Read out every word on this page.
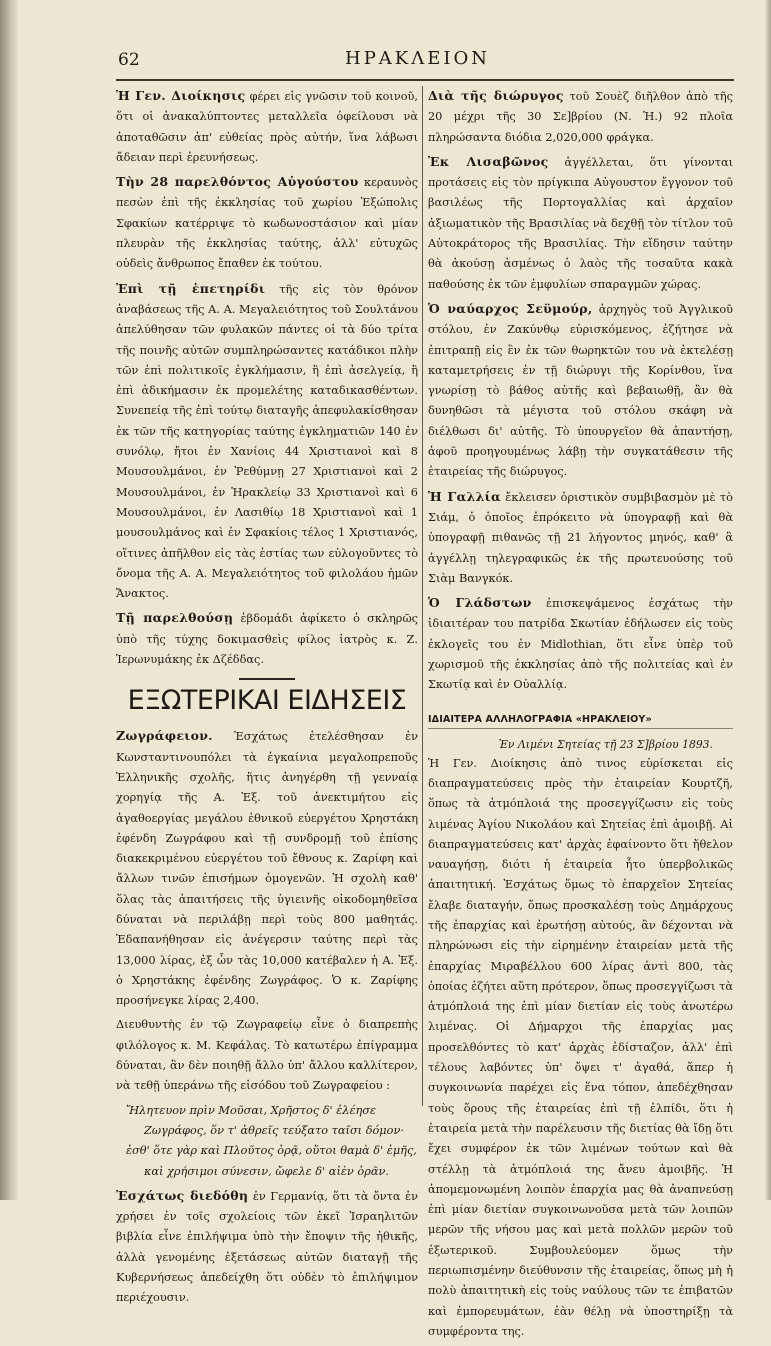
62	ΗΡΑΚΛΕΙΟΝ

Ἡ Γεν. Διοίκησις φέρει εἰς γνῶσιν τοῦ κοινοῦ, ὅτι οἱ ἀνακαλύπτοντες μεταλλεῖα ὀφείλουσι νὰ ἀποταθῶσιν ἀπ' εὐθείας πρὸς αὐτήν, ἵνα λάβωσι ἄδειαν περὶ ἐρευνήσεως.

Τὴν 28 παρελθόντος Αὐγούστου κεραυνὸς πεσὼν ἐπὶ τῆς ἐκκλησίας τοῦ χωρίου Ἐξώπολις Σφακίων κατέρριψε τὸ κωδωνοστάσιον καὶ μίαν πλευρὰν τῆς ἐκκλησίας ταύτης, ἀλλ' εὐτυχῶς οὐδεὶς ἄνθρωπος ἔπαθεν ἐκ τούτου.

Ἐπὶ τῇ ἐπετηρίδι τῆς εἰς τὸν θρόνον ἀναβάσεως τῆς Α. Α. Μεγαλειότητος τοῦ Σουλτάνου ἀπελύθησαν τῶν φυλακῶν πάντες οἱ τὰ δύο τρίτα τῆς ποινῆς αὐτῶν συμπληρώσαντες κατάδικοι πλὴν τῶν ἐπὶ πολιτικοῖς ἐγκλήμασιν, ἢ ἐπὶ ἀσελγείᾳ, ἢ ἐπὶ ἀδικήμασιν ἐκ προμελέτης καταδικασθέντων. Συνεπείᾳ τῆς ἐπὶ τούτῳ διαταγῆς ἀπεφυλακίσθησαν ἐκ τῶν τῆς κατηγορίας ταύτης ἐγκληματιῶν 140 ἐν συνόλῳ, ἤτοι ἐν Χανίοις 44 Χριστιανοὶ καὶ 8 Μουσουλμάνοι, ἐν Ῥεθύμνῃ 27 Χριστιανοὶ καὶ 2 Μουσουλμάνοι, ἐν Ἡρακλείῳ 33 Χριστιανοὶ καὶ 6 Μουσουλμάνοι, ἐν Λασιθίῳ 18 Χριστιανοὶ καὶ 1 μουσουλμάνος καὶ ἐν Σφακίοις τέλος 1 Χριστιανός, οἵτινες ἀπῆλθον εἰς τὰς ἑστίας των εὐλογοῦντες τὸ ὄνομα τῆς Α. Α. Μεγαλειότητος τοῦ φιλολάου ἡμῶν Ἄνακτος.

Τῇ παρελθούσῃ ἑβδομάδι ἀφίκετο ὁ σκληρῶς ὑπὸ τῆς τύχης δοκιμασθεὶς φίλος ἰατρὸς κ. Ζ. Ἱερωνυμάκης ἐκ Δζέδδας.

ΕΞΩΤΕΡΙΚΑΙ ΕΙΔΗΣΕΙΣ

Ζωγράφειον. Ἐσχάτως ἐτελέσθησαν ἐν Κωνσταντινουπόλει τὰ ἐγκαίνια μεγαλοπρεποῦς Ἑλληνικῆς σχολῆς, ἥτις ἀνηγέρθη τῇ γενναίᾳ χορηγίᾳ τῆς Α. Ἐξ. τοῦ ἀνεκτιμήτου εἰς ἀγαθοεργίας μεγάλου ἐθνικοῦ εὐεργέτου Χρηστάκη ἐφένδη Ζωγράφου καὶ τῇ συνδρομῇ τοῦ ἐπίσης διακεκριμένου εὐεργέτου τοῦ ἔθνους κ. Ζαρίφη καὶ ἄλλων τινῶν ἐπισήμων ὁμογενῶν. Ἡ σχολὴ καθ' ὅλας τὰς ἀπαιτήσεις τῆς ὑγιεινῆς οἰκοδομηθεῖσα δύναται νὰ περιλάβῃ περὶ τοὺς 800 μαθητάς. Ἐδαπανήθησαν εἰς ἀνέγερσιν ταύτης περὶ τὰς 13,000 λίρας, ἐξ ὧν τὰς 10,000 κατέβαλεν ἡ Α. Ἐξ. ὁ Χρηστάκης ἐφένδης Ζωγράφος. Ὁ κ. Ζαρίφης προσήνεγκε λίρας 2,400.

Διευθυντὴς ἐν τῷ Ζωγραφείῳ εἶνε ὁ διαπρεπὴς φιλόλογος κ. Μ. Κεφάλας. Τὸ κατωτέρω ἐπίγραμμα δύναται, ἂν δὲν ποιηθῇ ἄλλο ὑπ' ἄλλου καλλίτερον, νὰ τεθῇ ὑπεράνω τῆς εἰσόδου τοῦ Ζωγραφείου :

Ἤλητευον πρὶν Μοῦσαι, Χρῆστος δ' ἐλέησε
Ζωγράφος, ὅν τ' ἀθρεῖς τεύξατο ταῖσι δόμον·
ἐσθ' ὅτε γὰρ καὶ Πλοῦτος ὁρᾷ, οὔτοι θαμὰ δ' ἐμῆς,
καὶ χρήσιμοι σύνεσιν, ὤφελε δ' αἰὲν ὁρᾶν.

Ἐσχάτως διεδόθη ἐν Γερμανίᾳ, ὅτι τὰ ὄντα ἐν χρήσει ἐν τοῖς σχολείοις τῶν ἐκεῖ Ἰσραηλιτῶν βιβλία εἶνε ἐπιλήψιμα ὑπὸ τὴν ἔποψιν τῆς ἠθικῆς, ἀλλὰ γενομένης ἐξετάσεως αὐτῶν διαταγῇ τῆς Κυβερνήσεως ἀπεδείχθη ὅτι οὐδὲν τὸ ἐπιλήψιμον περιέχουσιν.

Διὰ τῆς διώρυγος τοῦ Σουὲζ διῆλθον ἀπὸ τῆς 20 μέχρι τῆς 30 Σε]βρίου (Ν. Ἡ.) 92 πλοῖα πληρώσαντα διόδια 2,020,000 φράγκα.

Ἐκ Λισαβῶνος ἀγγέλλεται, ὅτι γίνονται προτάσεις εἰς τὸν πρίγκιπα Αὐγουστον ἔγγονον τοῦ βασιλέως τῆς Πορτογαλλίας καὶ ἀρχαῖον ἀξιωματικὸν τῆς Βρασιλίας νὰ δεχθῇ τὸν τίτλον τοῦ Αὐτοκράτορος τῆς Βρασιλίας. Τὴν εἴδησιν ταύτην θὰ ἀκούσῃ ἀσμένως ὁ λαὸς τῆς τοσαῦτα κακὰ παθούσης ἐκ τῶν ἐμφυλίων σπαραγμῶν χώρας.

Ὁ ναύαρχος Σεϋμούρ, ἀρχηγὸς τοῦ Ἀγγλικοῦ στόλου, ἐν Ζακύνθῳ εὑρισκόμενος, ἐζήτησε νὰ ἐπιτραπῇ εἰς ἓν ἐκ τῶν θωρηκτῶν του νὰ ἐκτελέσῃ καταμετρήσεις ἐν τῇ διώρυγι τῆς Κορίνθου, ἵνα γνωρίσῃ τὸ βάθος αὐτῆς καὶ βεβαιωθῇ, ἂν θὰ δυνηθῶσι τὰ μέγιστα τοῦ στόλου σκάφη νὰ διέλθωσι δι' αὐτῆς. Τὸ ὑπουργεῖον θὰ ἀπαντήσῃ, ἀφοῦ προηγουμένως λάβῃ τὴν συγκατάθεσιν τῆς ἑταιρείας τῆς διώρυγος.

Ἡ Γαλλία ἔκλεισεν ὁριστικὸν συμβιβασμὸν μὲ τὸ Σιάμ, ὁ ὁποῖος ἐπρόκειτο νὰ ὑπογραφῇ καὶ θὰ ὑπογραφῇ πιθανῶς τῇ 21 λήγοντος μηνός, καθ' ἃ ἀγγέλλῃ τηλεγραφικῶς ἐκ τῆς πρωτευούσης τοῦ Σιὰμ Βανγκόκ.

Ὁ Γλάδστων ἐπισκεψάμενος ἐσχάτως τὴν ἰδιαιτέραν του πατρίδα Σκωτίαν ἐδήλωσεν εἰς τοὺς ἐκλογεῖς του ἐν Midlothian, ὅτι εἶνε ὑπὲρ τοῦ χωρισμοῦ τῆς ἐκκλησίας ἀπὸ τῆς πολιτείας καὶ ἐν Σκωτίᾳ καὶ ἐν Οὐαλλίᾳ.

ΙΔΙΑΙΤΕΡΑ ΑΛΛΗΛΟΓΡΑΦΙΑ «ΗΡΑΚΛΕΙΟΥ»

Ἐν Λιμένι Σητείας τῇ 23 Σ]βρίου 1893.

Ἡ Γεν. Διοίκησις ἀπὸ τινος εὑρίσκεται εἰς διαπραγματεύσεις πρὸς τὴν ἑταιρείαν Κουρτζῆ, ὅπως τὰ ἀτμόπλοιά της προσεγγίζωσιν εἰς τοὺς λιμένας Ἁγίου Νικολάου καὶ Σητείας ἐπὶ ἀμοιβῇ. Αἱ διαπραγματεύσεις κατ' ἀρχὰς ἐφαίνοντο ὅτι ἤθελον ναυαγήσῃ, διότι ἡ ἑταιρεία ἦτο ὑπερβολικῶς ἀπαιτητική. Ἐσχάτως ὅμως τὸ ἐπαρχεῖον Σητείας ἔλαβε διαταγήν, ὅπως προσκαλέσῃ τοὺς Δημάρχους τῆς ἐπαρχίας καὶ ἐρωτήσῃ αὐτούς, ἂν δέχονται νὰ πληρώνωσι εἰς τὴν εἰρημένην ἑταιρείαν μετὰ τῆς ἐπαρχίας Μιραβέλλου 600 λίρας ἀντὶ 800, τὰς ὁποίας ἐζήτει αὕτη πρότερον, ὅπως προσεγγίζωσι τὰ ἀτμόπλοιά της ἐπὶ μίαν διετίαν εἰς τοὺς ἀνωτέρω λιμένας. Οἱ Δήμαρχοι τῆς ἐπαρχίας μας προσελθόντες τὸ κατ' ἀρχὰς ἐδίσταζον, ἀλλ' ἐπὶ τέλους λαβόντες ὑπ' ὄψει τ' ἀγαθά, ἅπερ ἡ συγκοινωνία παρέχει εἰς ἕνα τόπον, ἀπεδέχθησαν τοὺς ὅρους τῆς ἑταιρείας ἐπὶ τῇ ἐλπίδι, ὅτι ἡ ἑταιρεία μετὰ τὴν παρέλευσιν τῆς διετίας θὰ ἴδῃ ὅτι ἔχει συμφέρον ἐκ τῶν λιμένων τούτων καὶ θὰ στέλλῃ τὰ ἀτμόπλοιά της ἄνευ ἀμοιβῆς. Ἡ ἀπομεμονωμένη λοιπὸν ἐπαρχία μας θὰ ἀναπνεύσῃ ἐπὶ μίαν διετίαν συγκοινωνοῦσα μετὰ τῶν λοιπῶν μερῶν τῆς νήσου μας καὶ μετὰ πολλῶν μερῶν τοῦ ἐξωτερικοῦ. Συμβουλεύομεν ὅμως τὴν περιωπισμένην διεύθυνσιν τῆς ἑταιρείας, ὅπως μὴ ἡ πολὺ ἀπαιτητικὴ εἰς τοὺς ναύλους τῶν τε ἐπιβατῶν καὶ ἐμπορευμάτων, ἐὰν θέλῃ νὰ ὑποστηρίξῃ τὰ συμφέροντα της.
